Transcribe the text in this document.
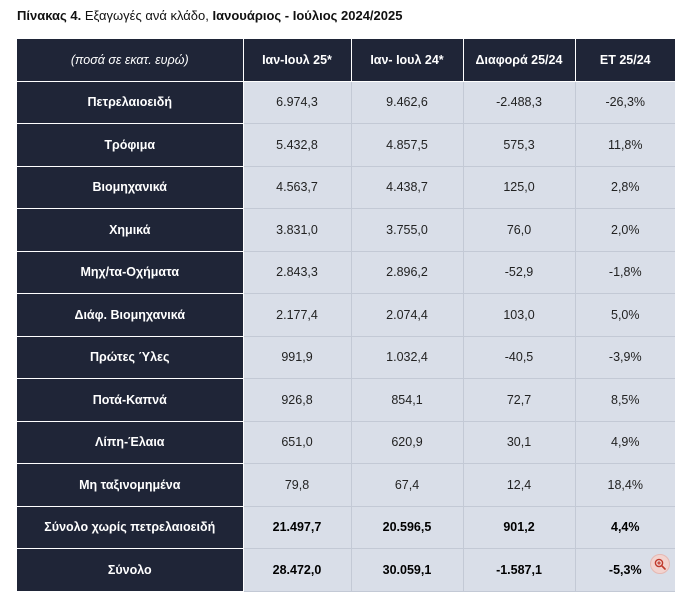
Πίνακας 4. Εξαγωγές ανά κλάδο, Ιανουάριος - Ιούλιος 2024/2025
(ποσά σε εκατ. ευρώ)	Ιαν-Ιουλ 25*	Ιαν- Ιουλ 24*	Διαφορά 25/24	ΕΤ 25/24
Πετρελαιοειδή	6.974,3	9.462,6	-2.488,3	-26,3%
Τρόφιμα	5.432,8	4.857,5	575,3	11,8%
Βιομηχανικά	4.563,7	4.438,7	125,0	2,8%
Χημικά	3.831,0	3.755,0	76,0	2,0%
Μηχ/τα-Οχήματα	2.843,3	2.896,2	-52,9	-1,8%
Διάφ. Βιομηχανικά	2.177,4	2.074,4	103,0	5,0%
Πρώτες Ύλες	991,9	1.032,4	-40,5	-3,9%
Ποτά-Καπνά	926,8	854,1	72,7	8,5%
Λίπη-Έλαια	651,0	620,9	30,1	4,9%
Μη ταξινομημένα	79,8	67,4	12,4	18,4%
Σύνολο χωρίς πετρελαιοειδή	21.497,7	20.596,5	901,2	4,4%
Σύνολο	28.472,0	30.059,1	-1.587,1	-5,3%
